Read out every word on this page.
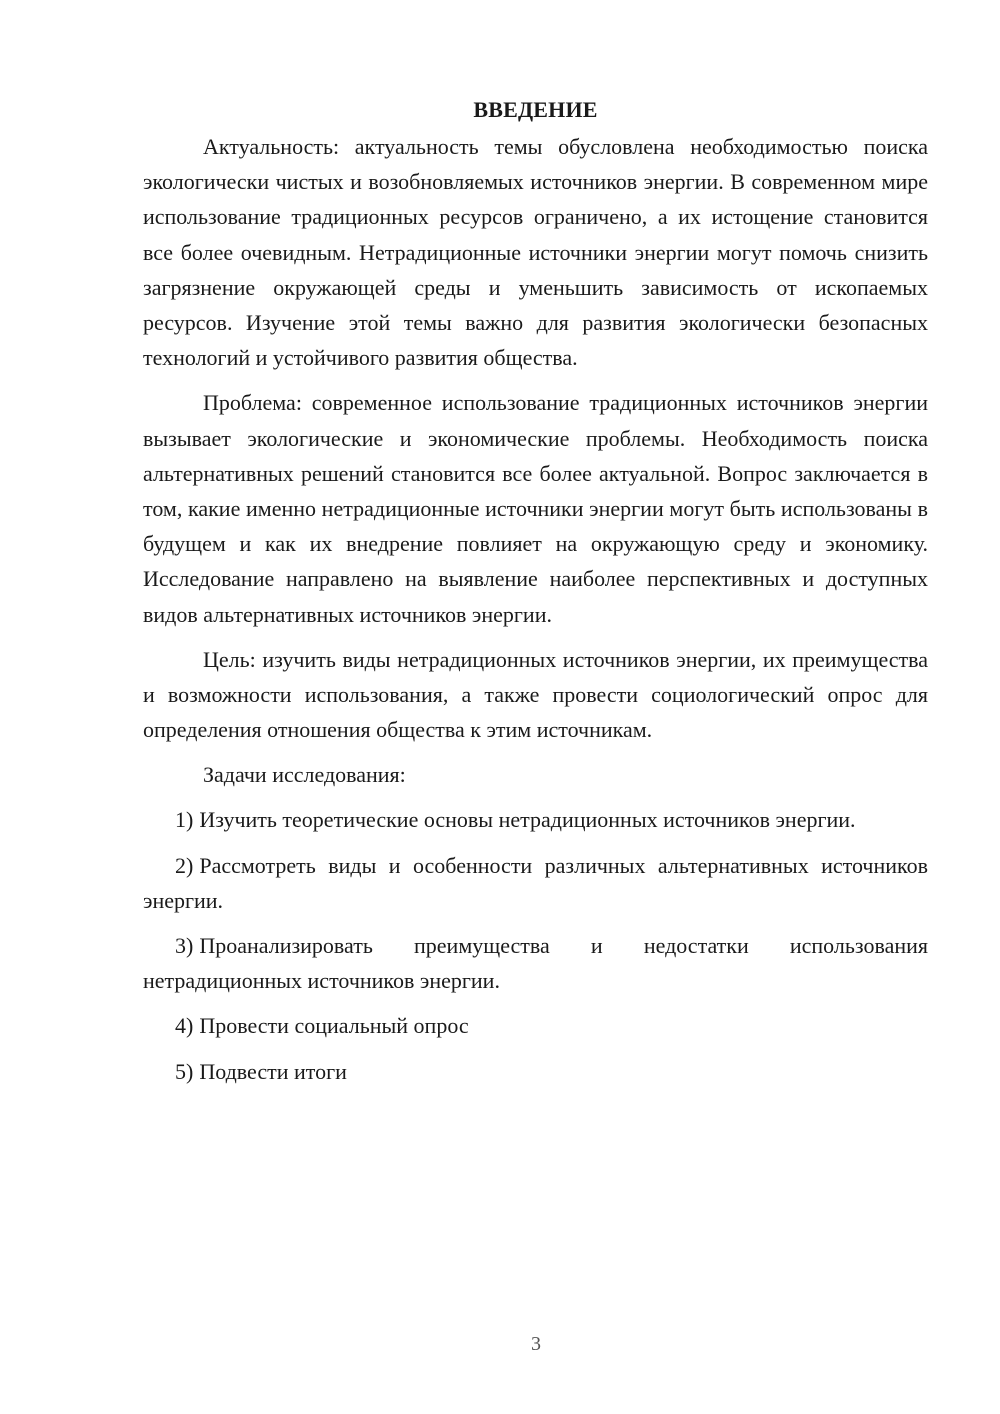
ВВЕДЕНИЕ

Актуальность: актуальность темы обусловлена необходимостью поиска экологически чистых и возобновляемых источников энергии. В современном мире использование традиционных ресурсов ограничено, а их истощение становится все более очевидным. Нетрадиционные источники энергии могут помочь снизить загрязнение окружающей среды и уменьшить зависимость от ископаемых ресурсов. Изучение этой темы важно для развития экологически безопасных технологий и устойчивого развития общества.

Проблема: современное использование традиционных источников энергии вызывает экологические и экономические проблемы. Необходимость поиска альтернативных решений становится все более актуальной. Вопрос заключается в том, какие именно нетрадиционные источники энергии могут быть использованы в будущем и как их внедрение повлияет на окружающую среду и экономику. Исследование направлено на выявление наиболее перспективных и доступных видов альтернативных источников энергии.

Цель: изучить виды нетрадиционных источников энергии, их преимущества и возможности использования, а также провести социологический опрос для определения отношения общества к этим источникам.

Задачи исследования:

1) Изучить теоретические основы нетрадиционных источников энергии.
2) Рассмотреть виды и особенности различных альтернативных источников энергии.
3) Проанализировать преимущества и недостатки использования нетрадиционных источников энергии.
4) Провести социальный опрос
5) Подвести итоги
3
